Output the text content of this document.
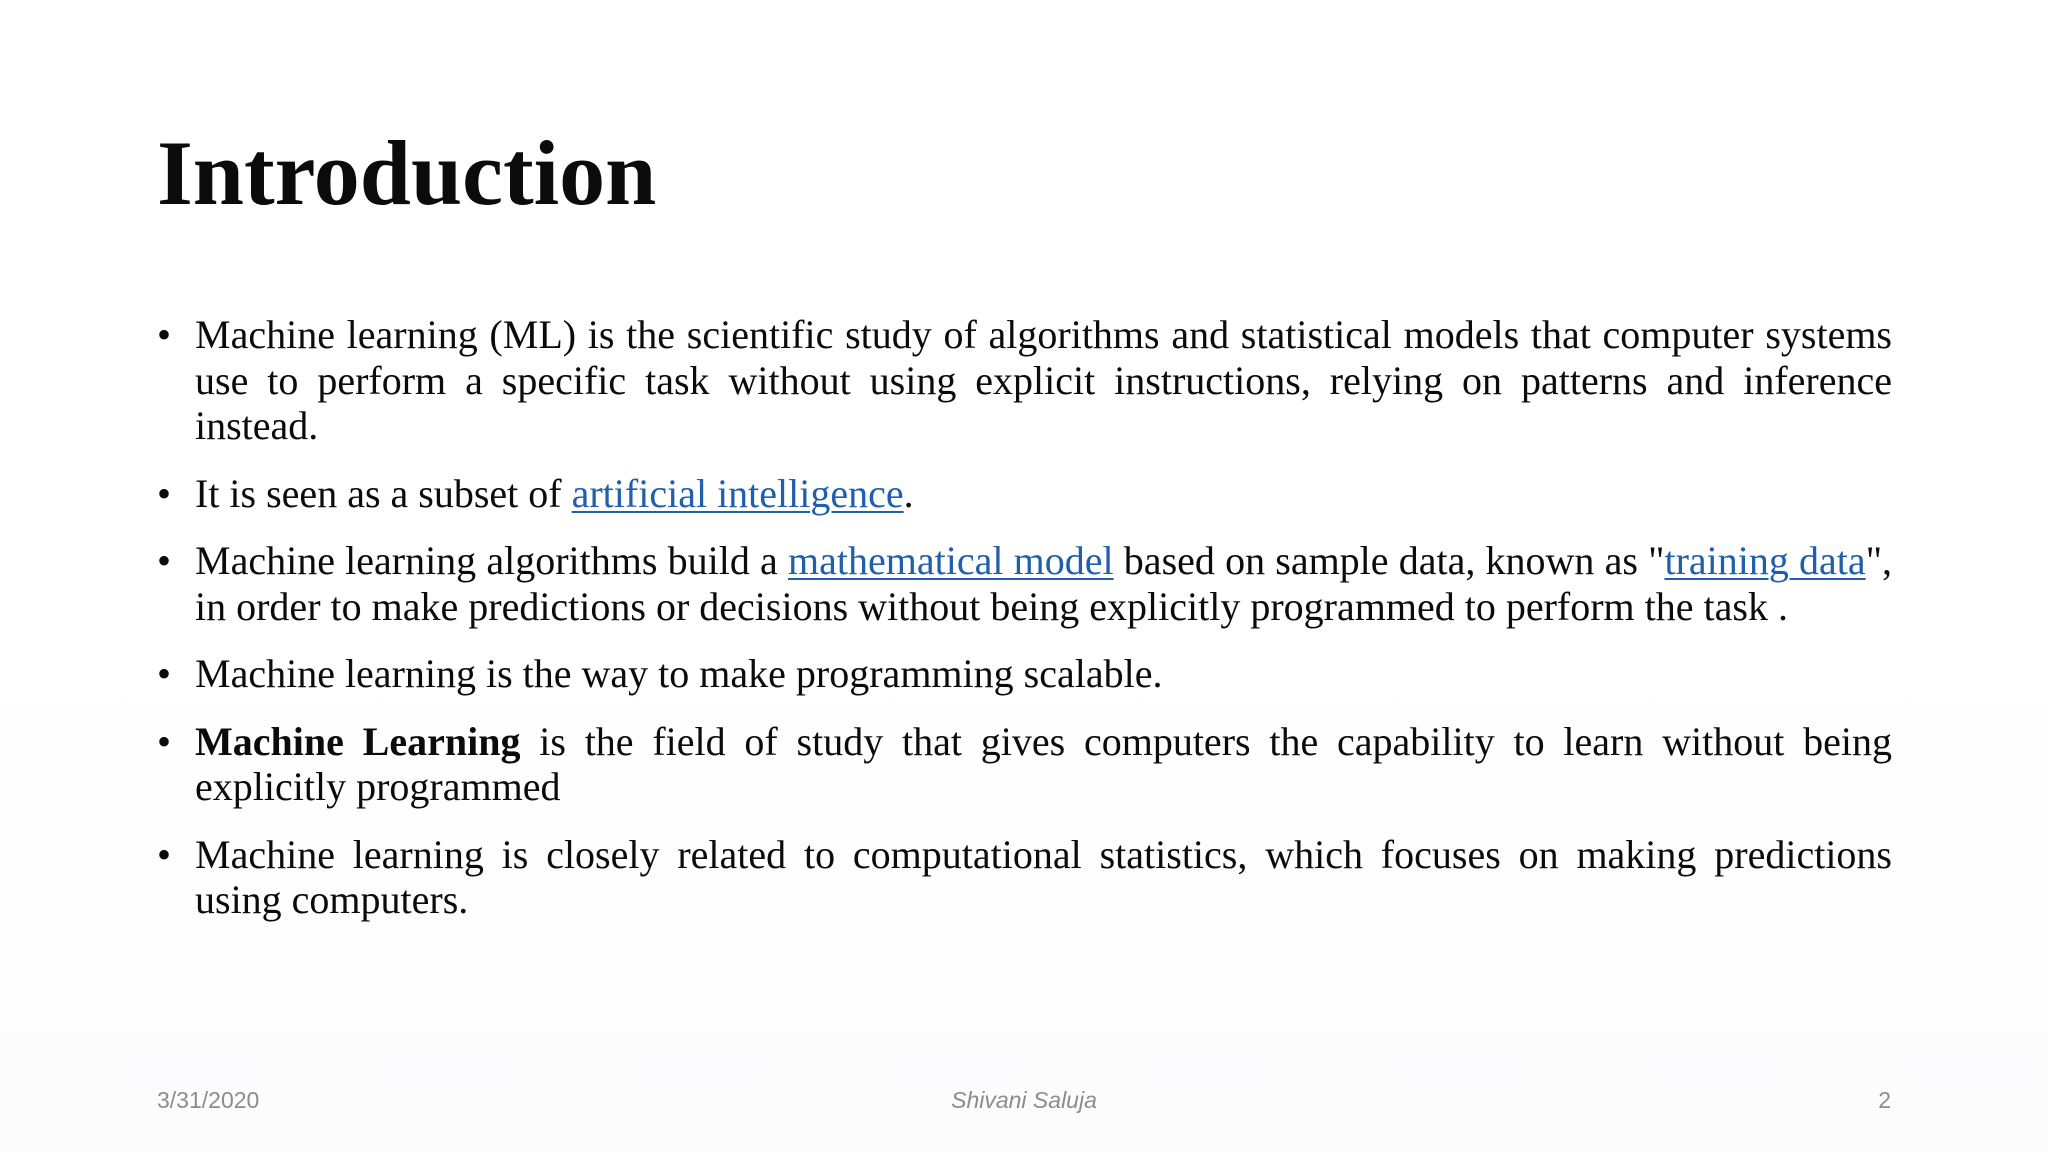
Introduction
• Machine learning (ML) is the scientific study of algorithms and statistical models that computer systems use to perform a specific task without using explicit instructions, relying on patterns and inference instead.
• It is seen as a subset of artificial intelligence.
• Machine learning algorithms build a mathematical model based on sample data, known as "training data", in order to make predictions or decisions without being explicitly programmed to perform the task .
• Machine learning is the way to make programming scalable.
• Machine Learning is the field of study that gives computers the capability to learn without being explicitly programmed
• Machine learning is closely related to computational statistics, which focuses on making predictions using computers.
3/31/2020	Shivani Saluja	2
